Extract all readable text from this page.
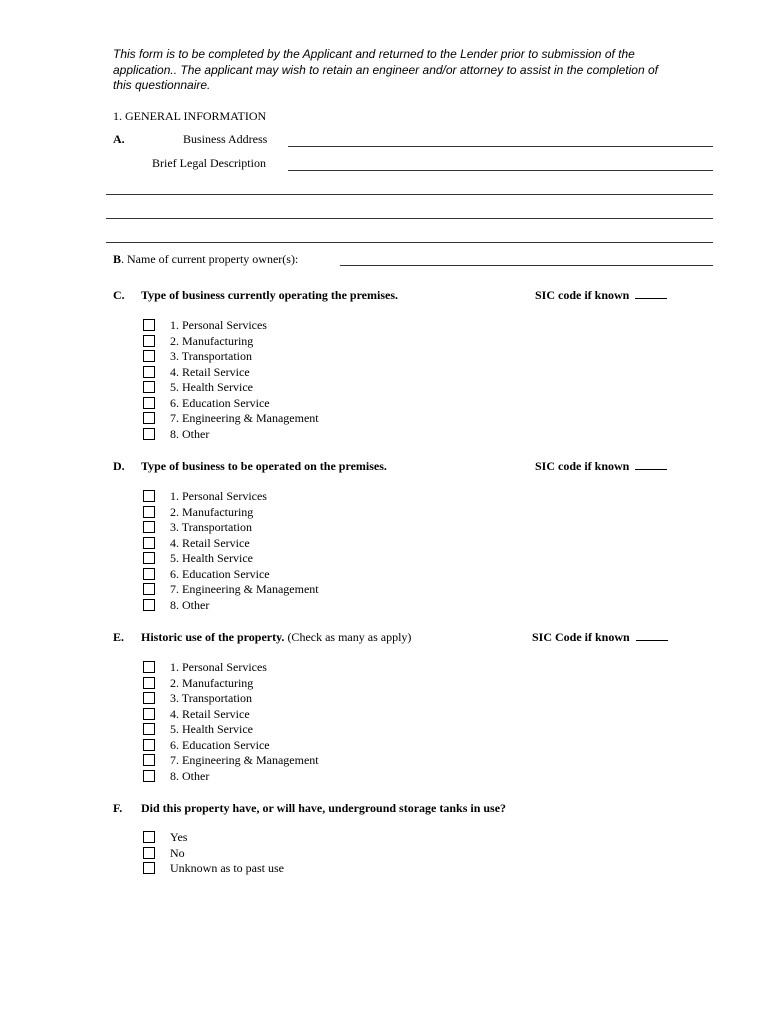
This form is to be completed by the Applicant and returned to the Lender prior to submission of the application.. The applicant may wish to retain an engineer and/or attorney to assist in the completion of this questionnaire.
1. GENERAL INFORMATION
A.	Business Address
Brief Legal Description
B. Name of current property owner(s):
C. Type of business currently operating the premises.	SIC code if known
1. Personal Services
2. Manufacturing
3. Transportation
4. Retail Service
5. Health Service
6. Education Service
7. Engineering & Management
8. Other
D. Type of business to be operated on the premises.	SIC code if known
1. Personal Services
2. Manufacturing
3. Transportation
4. Retail Service
5. Health Service
6. Education Service
7. Engineering & Management
8. Other
E. Historic use of the property. (Check as many as apply)	SIC Code if known
1. Personal Services
2. Manufacturing
3. Transportation
4. Retail Service
5. Health Service
6. Education Service
7. Engineering & Management
8. Other
F. Did this property have, or will have, underground storage tanks in use?
Yes
No
Unknown as to past use
